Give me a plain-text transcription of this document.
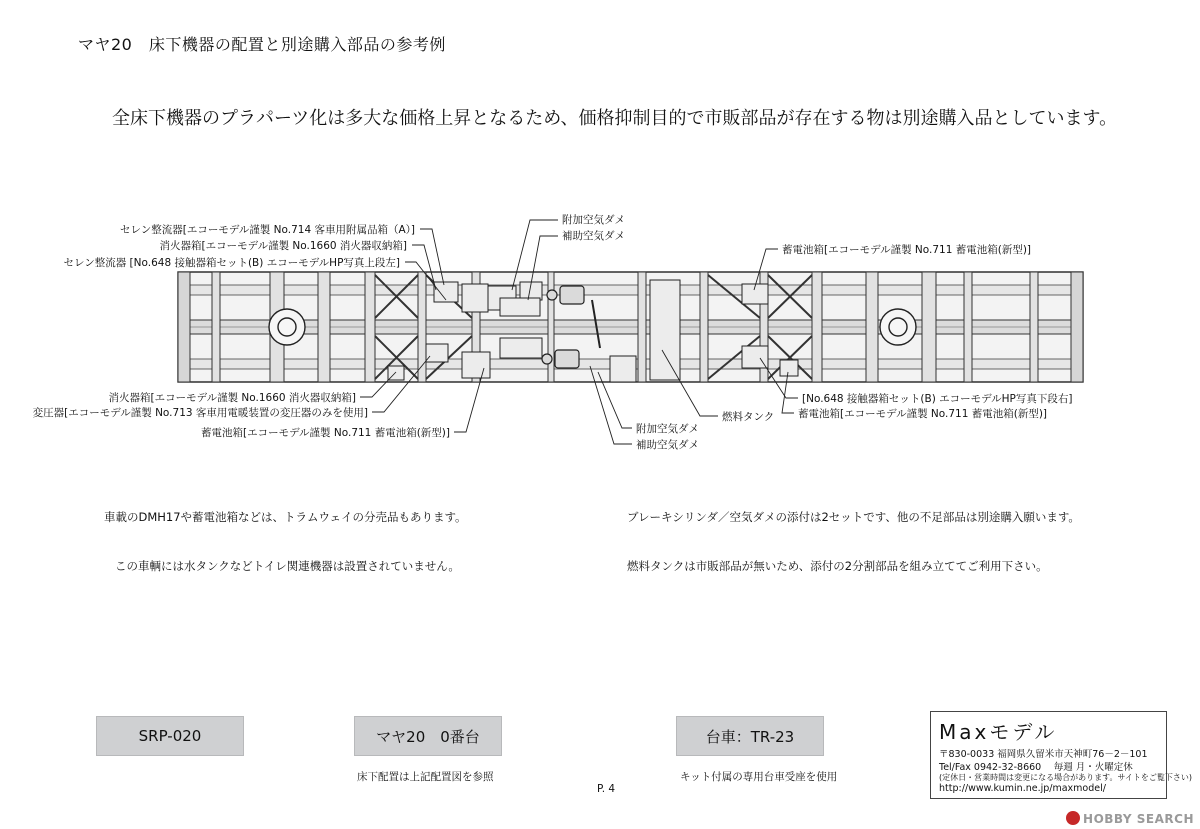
マヤ20　床下機器の配置と別途購入部品の参考例
全床下機器のプラパーツ化は多大な価格上昇となるため、価格抑制目的で市販部品が存在する物は別途購入品としています。
セレン整流器[エコーモデル謹製 No.714 客車用附属品箱（A）]
消火器箱[エコーモデル謹製 No.1660 消火器収納箱]
セレン整流器 [No.648 接触器箱セット(B) エコーモデルHP写真上段左]
附加空気ダメ
補助空気ダメ
蓄電池箱[エコーモデル謹製 No.711 蓄電池箱(新型)]
消火器箱[エコーモデル謹製 No.1660 消火器収納箱]
変圧器[エコーモデル謹製 No.713 客車用電暖装置の変圧器のみを使用]
蓄電池箱[エコーモデル謹製 No.711 蓄電池箱(新型)]	附加空気ダメ
補助空気ダメ
燃料タンク
[No.648 接触器箱セット(B) エコーモデルHP写真下段右]
蓄電池箱[エコーモデル謹製 No.711 蓄電池箱(新型)]
車載のDMH17や蓄電池箱などは、トラムウェイの分売品もあります。
この車輌には水タンクなどトイレ関連機器は設置されていません。
ブレーキシリンダ／空気ダメの添付は2セットです、他の不足部品は別途購入願います。
燃料タンクは市販部品が無いため、添付の2分割部品を組み立ててご利用下さい。
SRP-020	マヤ20　0番台
床下配置は上記配置図を参照
台車：TR-23
キット付属の専用台車受座を使用
P. 4
Maxモデル
〒830-0033 福岡県久留米市天神町76－2－101
Tel/Fax 0942-32-8660　 毎週 月・火曜定休
(定休日・営業時間は変更になる場合があります。サイトをご覧下さい)
http://www.kumin.ne.jp/maxmodel/
HOBBY SEARCH
